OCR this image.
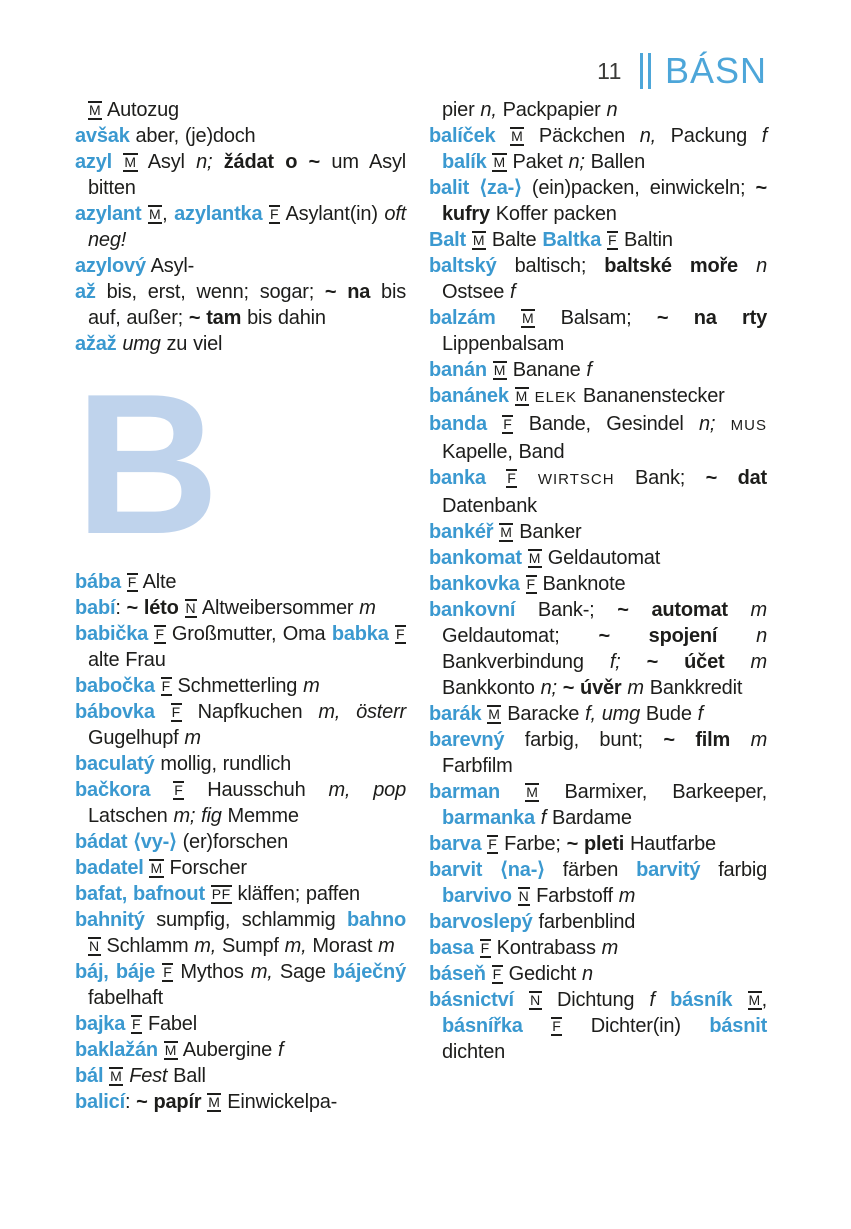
11 BÁSN
M Autozug
avšak aber, (je)doch
azyl M Asyl n; žádat o ~ um Asyl bitten
azylant M, azylantka F Asylant(in) oft neg!
azylový Asyl-
až bis, erst, wenn; sogar; ~ na bis auf, außer; ~ tam bis dahin
ažaž umg zu viel
B
bába F Alte
babí: ~ léto N Altweibersommer m
babička F Großmutter, Oma babka F alte Frau
babočka F Schmetterling m
bábovka F Napfkuchen m, österr Gugelhupf m
baculatý mollig, rundlich
bačkora F Hausschuh m, pop Latschen m; fig Memme
bádat ⟨vy-⟩ (er)forschen
badatel M Forscher
bafat, bafnout PF kläffen; paffen
bahnitý sumpfig, schlammig bahno N Schlamm m, Sumpf m, Morast m
báj, báje F Mythos m, Sage báječný fabelhaft
bajka F Fabel
baklažán M Aubergine f
bál M Fest Ball
balicí: ~ papír M Einwickelpa-
pier n, Packpapier n
balíček M Päckchen n, Packung f balík M Paket n; Ballen
balit ⟨za-⟩ (ein)packen, einwickeln; ~ kufry Koffer packen
Balt M Balte Baltka F Baltin
baltský baltisch; baltské moře n Ostsee f
balzám M Balsam; ~ na rty Lippenbalsam
banán M Banane f
banánek M ELEK Bananenstecker
banda F Bande, Gesindel n; MUS Kapelle, Band
banka F WIRTSCH Bank; ~ dat Datenbank
bankéř M Banker
bankomat M Geldautomat
bankovka F Banknote
bankovní Bank-; ~ automat m Geldautomat; ~ spojení n Bankverbindung f; ~ účet m Bankkonto n; ~ úvěr m Bankkredit
barák M Baracke f, umg Bude f
barevný farbig, bunt; ~ film m Farbfilm
barman M Barmixer, Barkeeper, barmanka f Bardame
barva F Farbe; ~ pleti Hautfarbe
barvit ⟨na-⟩ färben barvitý farbig barvivo N Farbstoff m
barvoslepý farbenblind
basa F Kontrabass m
báseň F Gedicht n
básnictví N Dichtung f básník M, básnířka F Dichter(in) básnit dichten
